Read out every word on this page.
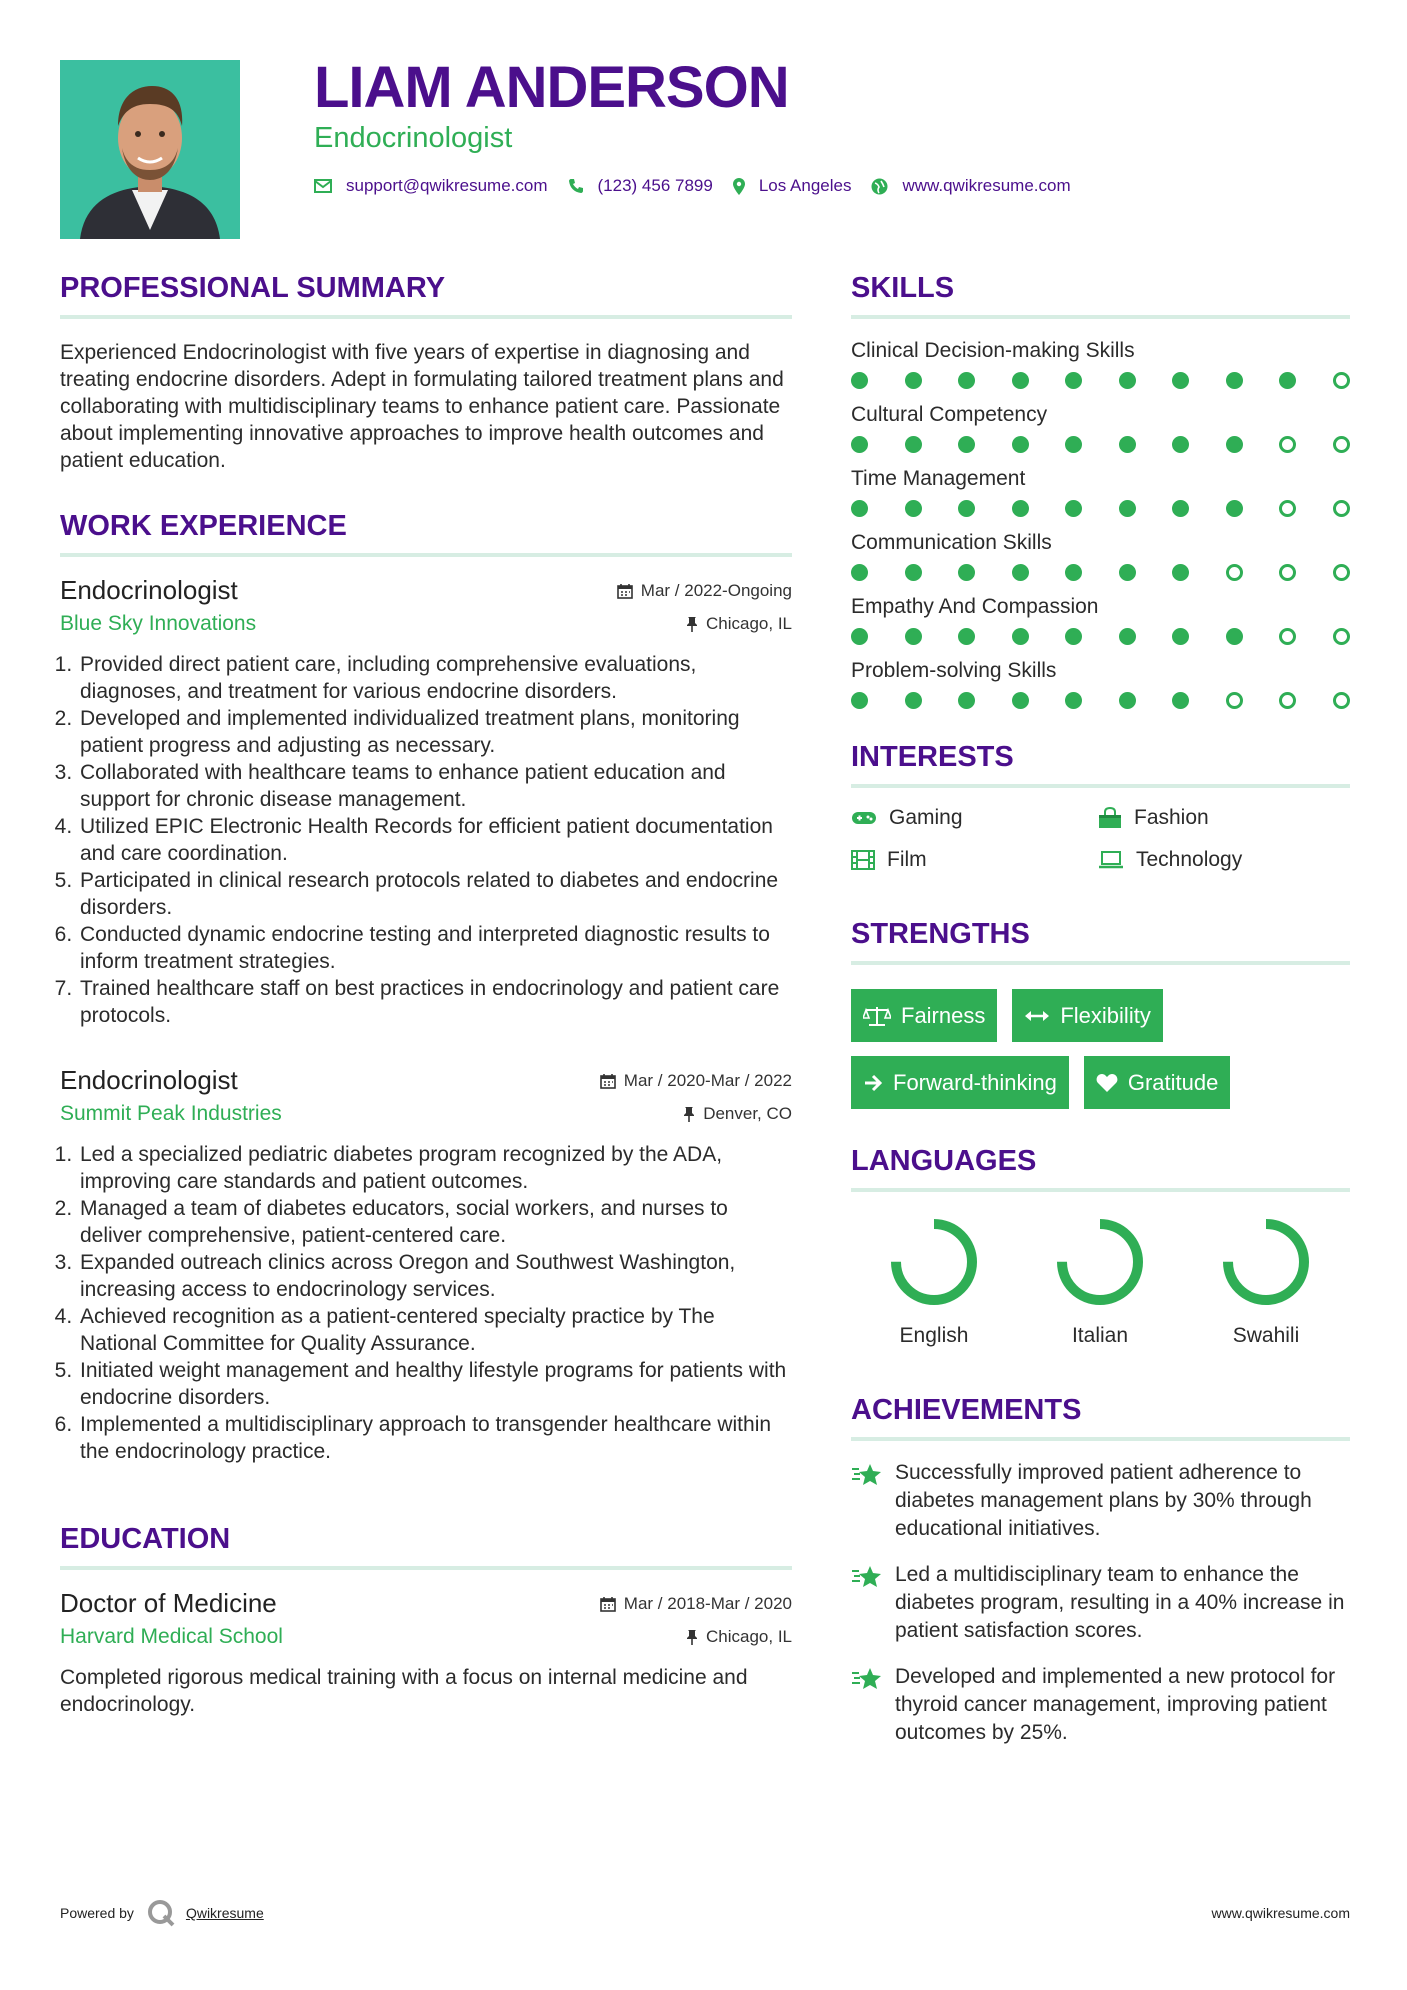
LIAM ANDERSON
Endocrinologist
support@qwikresume.com	(123) 456 7899	Los Angeles	www.qwikresume.com
PROFESSIONAL SUMMARY
Experienced Endocrinologist with five years of expertise in diagnosing and treating endocrine disorders. Adept in formulating tailored treatment plans and collaborating with multidisciplinary teams to enhance patient care. Passionate about implementing innovative approaches to improve health outcomes and patient education.
WORK EXPERIENCE
Endocrinologist	Mar / 2022-Ongoing
Blue Sky Innovations	Chicago, IL
1. Provided direct patient care, including comprehensive evaluations, diagnoses, and treatment for various endocrine disorders.
2. Developed and implemented individualized treatment plans, monitoring patient progress and adjusting as necessary.
3. Collaborated with healthcare teams to enhance patient education and support for chronic disease management.
4. Utilized EPIC Electronic Health Records for efficient patient documentation and care coordination.
5. Participated in clinical research protocols related to diabetes and endocrine disorders.
6. Conducted dynamic endocrine testing and interpreted diagnostic results to inform treatment strategies.
7. Trained healthcare staff on best practices in endocrinology and patient care protocols.
Endocrinologist	Mar / 2020-Mar / 2022
Summit Peak Industries	Denver, CO
1. Led a specialized pediatric diabetes program recognized by the ADA, improving care standards and patient outcomes.
2. Managed a team of diabetes educators, social workers, and nurses to deliver comprehensive, patient-centered care.
3. Expanded outreach clinics across Oregon and Southwest Washington, increasing access to endocrinology services.
4. Achieved recognition as a patient-centered specialty practice by The National Committee for Quality Assurance.
5. Initiated weight management and healthy lifestyle programs for patients with endocrine disorders.
6. Implemented a multidisciplinary approach to transgender healthcare within the endocrinology practice.
EDUCATION
Doctor of Medicine	Mar / 2018-Mar / 2020
Harvard Medical School	Chicago, IL
Completed rigorous medical training with a focus on internal medicine and endocrinology.
SKILLS
Clinical Decision-making Skills
Cultural Competency
Time Management
Communication Skills
Empathy And Compassion
Problem-solving Skills
INTERESTS
Gaming	Fashion
Film	Technology
STRENGTHS
Fairness	Flexibility
Forward-thinking	Gratitude
LANGUAGES
English	Italian	Swahili
ACHIEVEMENTS
Successfully improved patient adherence to diabetes management plans by 30% through educational initiatives.
Led a multidisciplinary team to enhance the diabetes program, resulting in a 40% increase in patient satisfaction scores.
Developed and implemented a new protocol for thyroid cancer management, improving patient outcomes by 25%.
Powered by	Qwikresume	www.qwikresume.com
